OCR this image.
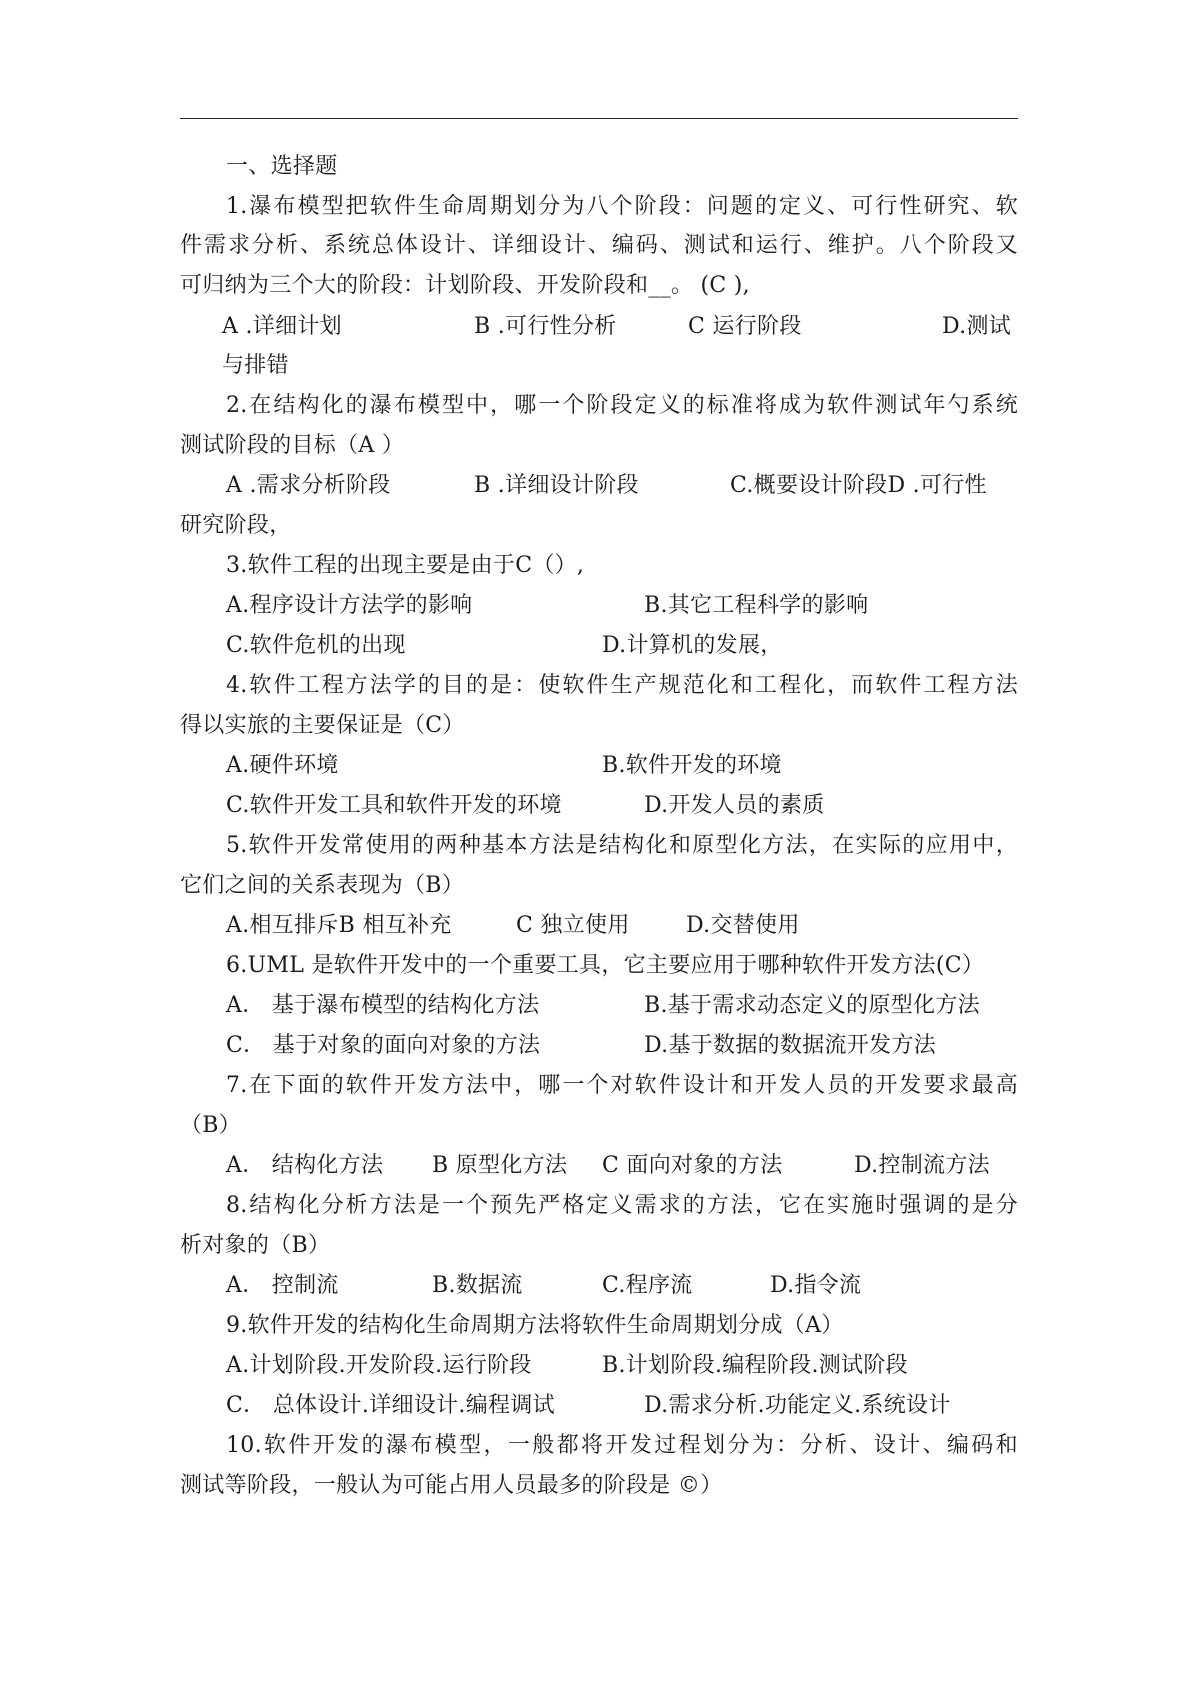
一、选择题
1.瀑布模型把软件生命周期划分为八个阶段：问题的定义、可行性研究、软
件需求分析、系统总体设计、详细设计、编码、测试和运行、维护。八个阶段又
可归纳为三个大的阶段：计划阶段、开发阶段和__。 (C ),
A .详细计划	B .可行性分析	C 运行阶段	D.测试
与排错
2.在结构化的瀑布模型中，哪一个阶段定义的标准将成为软件测试年勺系统
测试阶段的目标（A ）
A .需求分析阶段	B .详细设计阶段	C.概要设计阶段D .可行性
研究阶段，
3.软件工程的出现主要是由于C（）,
A.程序设计方法学的影响	B.其它工程科学的影响
C.软件危机的出现	D.计算机的发展，
4.软件工程方法学的目的是：使软件生产规范化和工程化，而软件工程方法
得以实旅的主要保证是（C）
A.硬件环境	B.软件开发的环境
C.软件开发工具和软件开发的环境	D.开发人员的素质
5.软件开发常使用的两种基本方法是结构化和原型化方法，在实际的应用中，
它们之间的关系表现为（B）
A.相互排斥B 相互补充	C 独立使用	D.交替使用
6.UML 是软件开发中的一个重要工具，它主要应用于哪种软件开发方法(C）
A． 基于瀑布模型的结构化方法	B.基于需求动态定义的原型化方法
C． 基于对象的面向对象的方法	D.基于数据的数据流开发方法
7.在下面的软件开发方法中，哪一个对软件设计和开发人员的开发要求最高
（B）
A． 结构化方法 B 原型化方法 C 面向对象的方法	D.控制流方法
8.结构化分析方法是一个预先严格定义需求的方法，它在实施时强调的是分
析对象的（B）
A． 控制流	B.数据流	C.程序流	D.指令流
9.软件开发的结构化生命周期方法将软件生命周期划分成（A）
A.计划阶段.开发阶段.运行阶段	B.计划阶段.编程阶段.测试阶段
C． 总体设计.详细设计.编程调试	D.需求分析.功能定义.系统设计
10.软件开发的瀑布模型，一般都将开发过程划分为：分析、设计、编码和
测试等阶段，一般认为可能占用人员最多的阶段是 ©）
